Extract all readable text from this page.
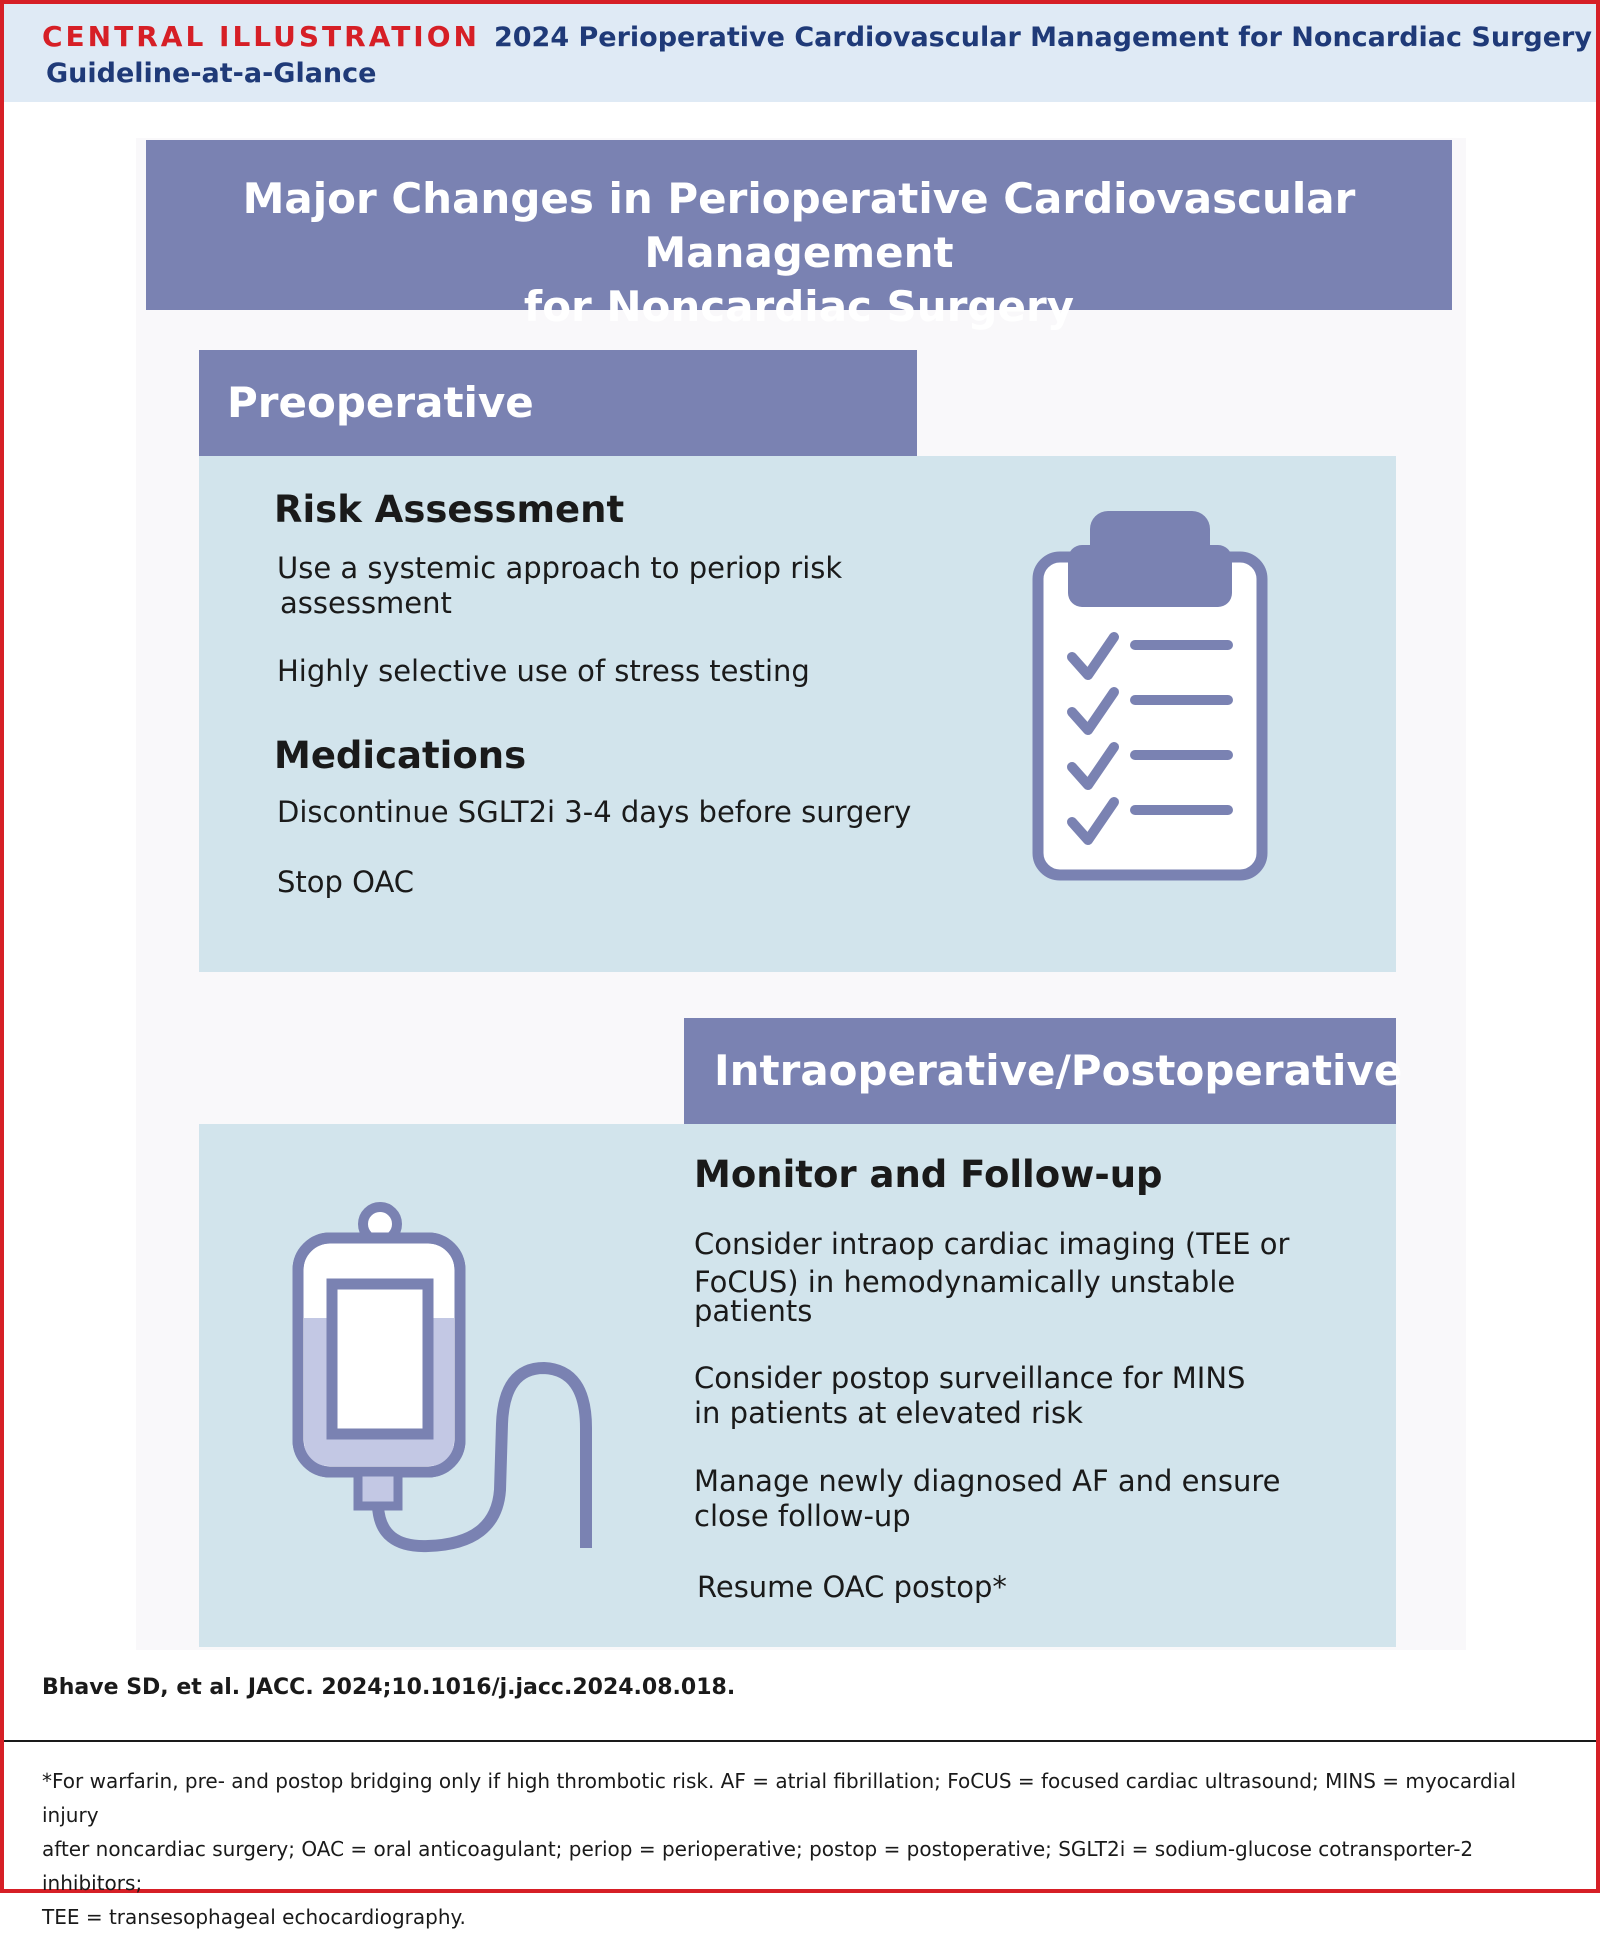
CENTRAL ILLUSTRATION 2024 Perioperative Cardiovascular Management for Noncardiac Surgery
Guideline-at-a-Glance
Major Changes in Perioperative Cardiovascular Management
for Noncardiac Surgery
Preoperative
Risk Assessment
Use a systemic approach to periop risk
assessment
Highly selective use of stress testing
Medications
Discontinue SGLT2i 3-4 days before surgery
Stop OAC
Intraoperative/Postoperative
Monitor and Follow-up
Consider intraop cardiac imaging (TEE or
FoCUS) in hemodynamically unstable
patients
Consider postop surveillance for MINS
in patients at elevated risk
Manage newly diagnosed AF and ensure
close follow-up
Resume OAC postop*
Bhave SD, et al. JACC. 2024;10.1016/j.jacc.2024.08.018.
*For warfarin, pre- and postop bridging only if high thrombotic risk. AF = atrial fibrillation; FoCUS = focused cardiac ultrasound; MINS = myocardial injury
after noncardiac surgery; OAC = oral anticoagulant; periop = perioperative; postop = postoperative; SGLT2i = sodium-glucose cotransporter-2 inhibitors;
TEE = transesophageal echocardiography.
